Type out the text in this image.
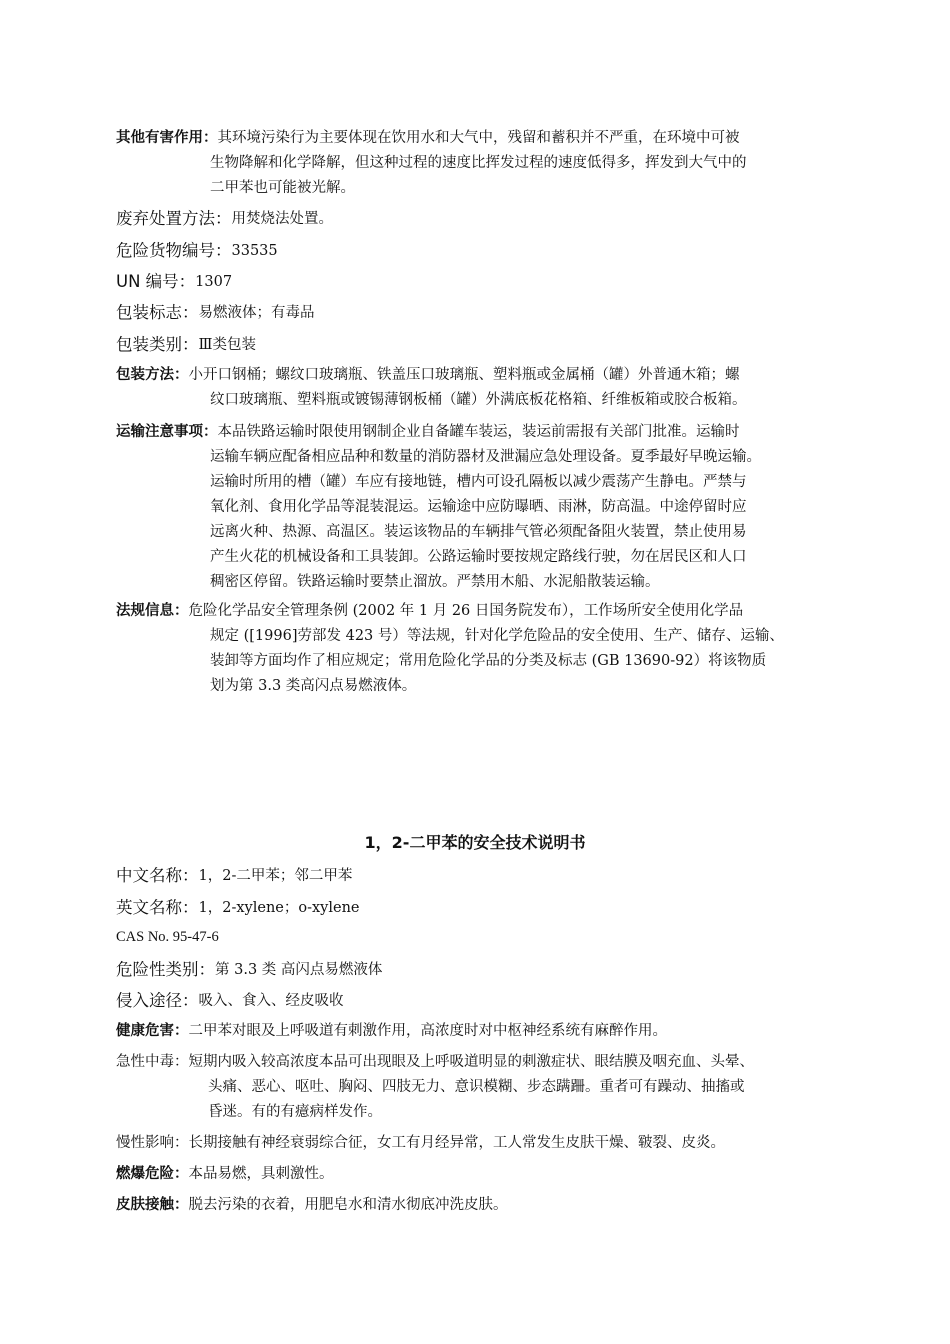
其他有害作用： 其环境污染行为主要体现在饮用水和大气中，残留和蓄积并不严重，在环境中可被
生物降解和化学降解，但这种过程的速度比挥发过程的速度低得多，挥发到大气中的
二甲苯也可能被光解。
废弃处置方法： 用焚烧法处置。
危险货物编号： 33535
UN 编号： 1307
包装标志： 易燃液体；有毒品
包装类别： Ⅲ类包装
包装方法： 小开口钢桶；螺纹口玻璃瓶、铁盖压口玻璃瓶、塑料瓶或金属桶（罐）外普通木箱；螺
纹口玻璃瓶、塑料瓶或镀锡薄钢板桶（罐）外满底板花格箱、纤维板箱或胶合板箱。
运输注意事项： 本品铁路运输时限使用钢制企业自备罐车装运，装运前需报有关部门批准。运输时
运输车辆应配备相应品种和数量的消防器材及泄漏应急处理设备。夏季最好早晚运输。
运输时所用的槽（罐）车应有接地链，槽内可设孔隔板以减少震荡产生静电。严禁与
氧化剂、食用化学品等混装混运。运输途中应防曝晒、雨淋，防高温。中途停留时应
远离火种、热源、高温区。装运该物品的车辆排气管必须配备阻火装置，禁止使用易
产生火花的机械设备和工具装卸。公路运输时要按规定路线行驶，勿在居民区和人口
稠密区停留。铁路运输时要禁止溜放。严禁用木船、水泥船散装运输。
法规信息： 危险化学品安全管理条例 (2002 年 1 月 26 日国务院发布），工作场所安全使用化学品
规定 ([1996]劳部发 423 号）等法规，针对化学危险品的安全使用、生产、储存、运输、
装卸等方面均作了相应规定；常用危险化学品的分类及标志 (GB 13690-92）将该物质
划为第 3.3 类高闪点易燃液体。
1，2-二甲苯的安全技术说明书
中文名称： 1，2-二甲苯；邻二甲苯
英文名称： 1，2-xylene；o-xylene
CAS No. 95-47-6
危险性类别： 第 3.3 类 高闪点易燃液体
侵入途径： 吸入、食入、经皮吸收
健康危害： 二甲苯对眼及上呼吸道有刺激作用，高浓度时对中枢神经系统有麻醉作用。
急性中毒： 短期内吸入较高浓度本品可出现眼及上呼吸道明显的刺激症状、眼结膜及咽充血、头晕、
头痛、恶心、呕吐、胸闷、四肢无力、意识模糊、步态蹒跚。重者可有躁动、抽搐或
昏迷。有的有癔病样发作。
慢性影响： 长期接触有神经衰弱综合征，女工有月经异常，工人常发生皮肤干燥、皲裂、皮炎。
燃爆危险： 本品易燃，具刺激性。
皮肤接触： 脱去污染的衣着，用肥皂水和清水彻底冲洗皮肤。
